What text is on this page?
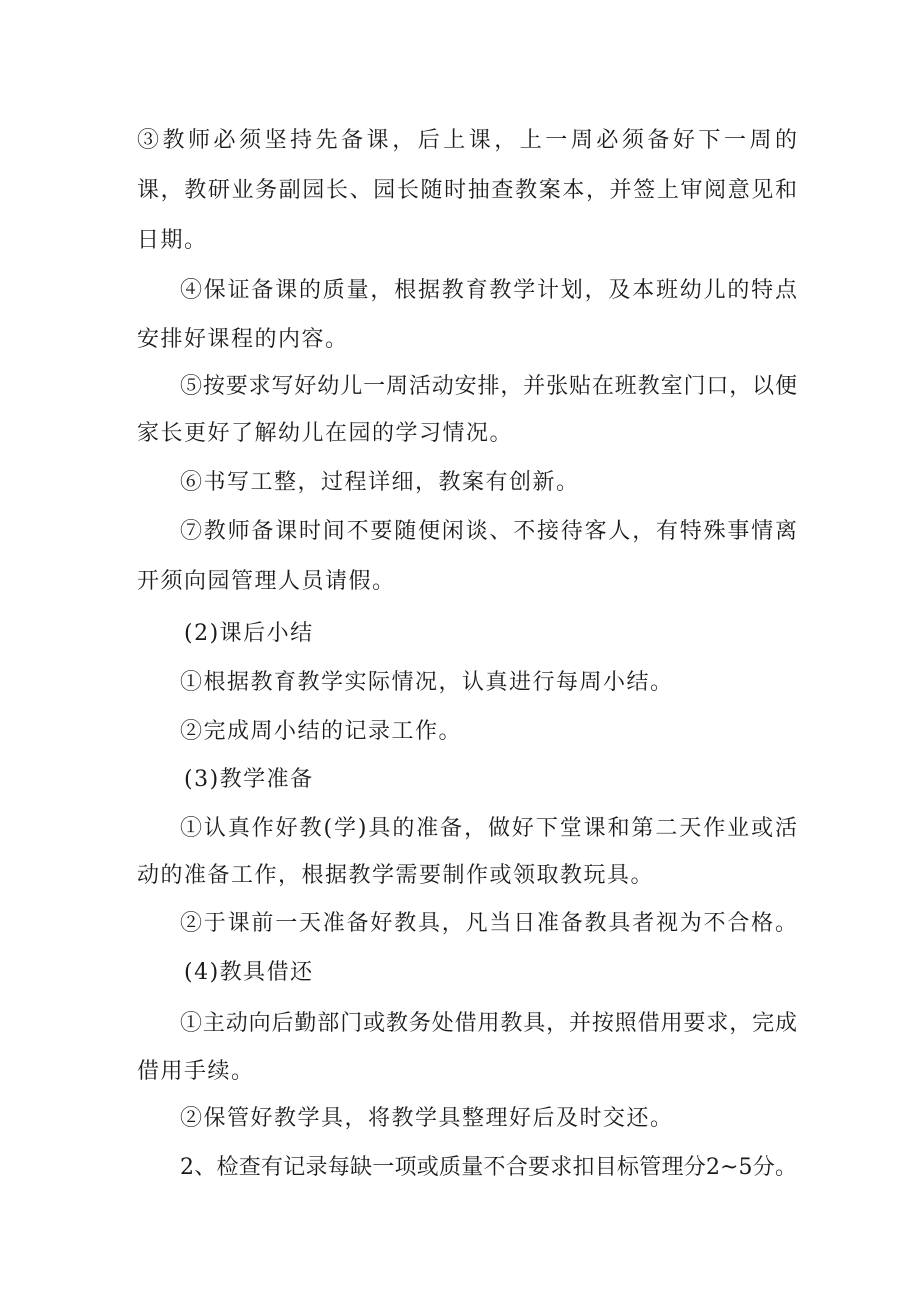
③教师必须坚持先备课，后上课，上一周必须备好下一周的
课，教研业务副园长、园长随时抽查教案本，并签上审阅意见和
日期。
④保证备课的质量，根据教育教学计划，及本班幼儿的特点
安排好课程的内容。
⑤按要求写好幼儿一周活动安排，并张贴在班教室门口，以便
家长更好了解幼儿在园的学习情况。
⑥书写工整，过程详细，教案有创新。
⑦教师备课时间不要随便闲谈、不接待客人，有特殊事情离
开须向园管理人员请假。
(2)课后小结
①根据教育教学实际情况，认真进行每周小结。
②完成周小结的记录工作。
(3)教学准备
①认真作好教(学)具的准备，做好下堂课和第二天作业或活
动的准备工作，根据教学需要制作或领取教玩具。
②于课前一天准备好教具，凡当日准备教具者视为不合格。
(4)教具借还
①主动向后勤部门或教务处借用教具，并按照借用要求，完成
借用手续。
②保管好教学具，将教学具整理好后及时交还。
2、检查有记录每缺一项或质量不合要求扣目标管理分2~5分。
